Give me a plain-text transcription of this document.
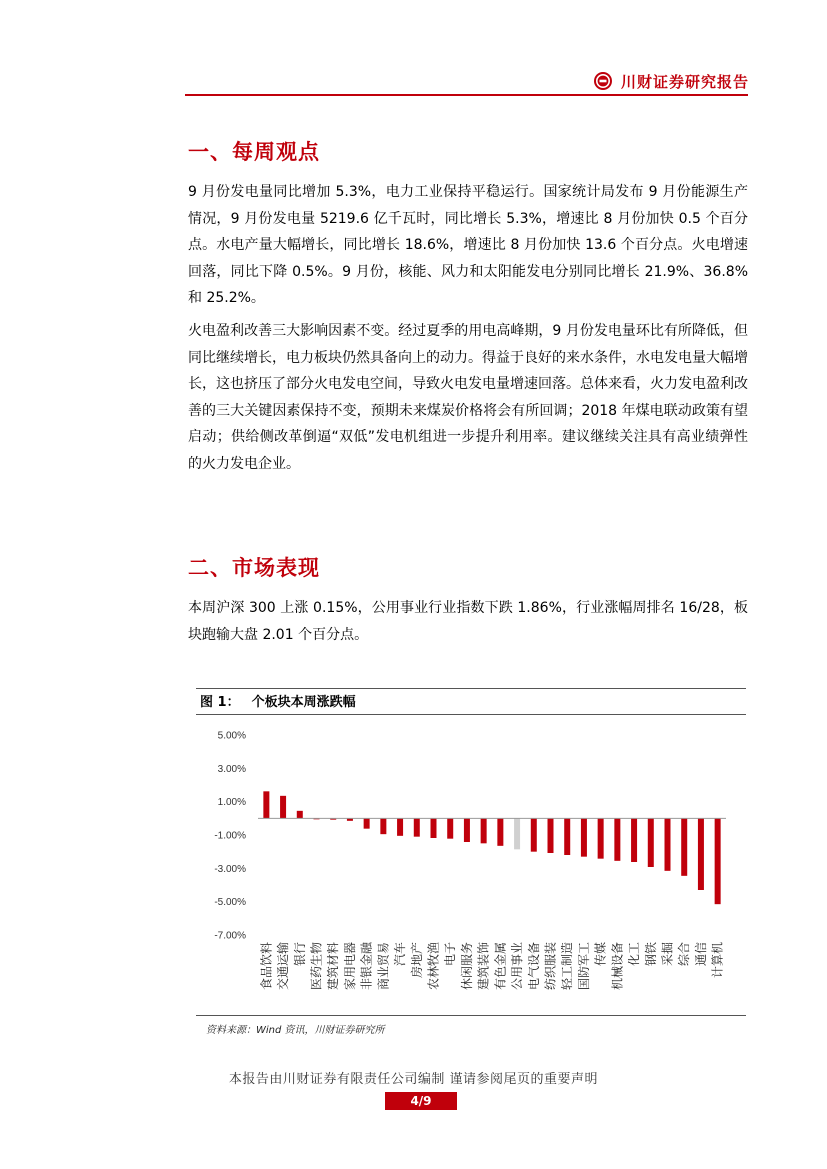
川财证券研究报告
一、每周观点

9 月份发电量同比增加 5.3%，电力工业保持平稳运行。国家统计局发布 9 月份能源生产情况，9 月份发电量 5219.6 亿千瓦时，同比增长 5.3%，增速比 8 月份加快 0.5 个百分点。水电产量大幅增长，同比增长 18.6%，增速比 8 月份加快 13.6 个百分点。火电增速回落，同比下降 0.5%。9 月份，核能、风力和太阳能发电分别同比增长 21.9%、36.8%和 25.2%。

火电盈利改善三大影响因素不变。经过夏季的用电高峰期，9 月份发电量环比有所降低，但同比继续增长，电力板块仍然具备向上的动力。得益于良好的来水条件，水电发电量大幅增长，这也挤压了部分火电发电空间，导致火电发电量增速回落。总体来看，火力发电盈利改善的三大关键因素保持不变，预期未来煤炭价格将会有所回调；2018 年煤电联动政策有望启动；供给侧改革倒逼“双低”发电机组进一步提升利用率。建议继续关注具有高业绩弹性的火力发电企业。

二、市场表现

本周沪深 300 上涨 0.15%，公用事业行业指数下跌 1.86%，行业涨幅周排名 16/28，板块跑输大盘 2.01 个百分点。

图 1： 个板块本周涨跌幅
5.00%
3.00%
1.00%
-1.00%
-3.00%
-5.00%
-7.00%
食品饮料 交通运输 银行 医药生物 建筑材料 家用电器 非银金融 商业贸易 汽车 房地产 农林牧渔 电子 休闲服务 建筑装饰 有色金属 公用事业 电气设备 纺织服装 轻工制造 国防军工 传媒 机械设备 化工 钢铁 采掘 综合 通信 计算机
资料来源：Wind 资讯，川财证券研究所
本报告由川财证券有限责任公司编制 谨请参阅尾页的重要声明
4/9
